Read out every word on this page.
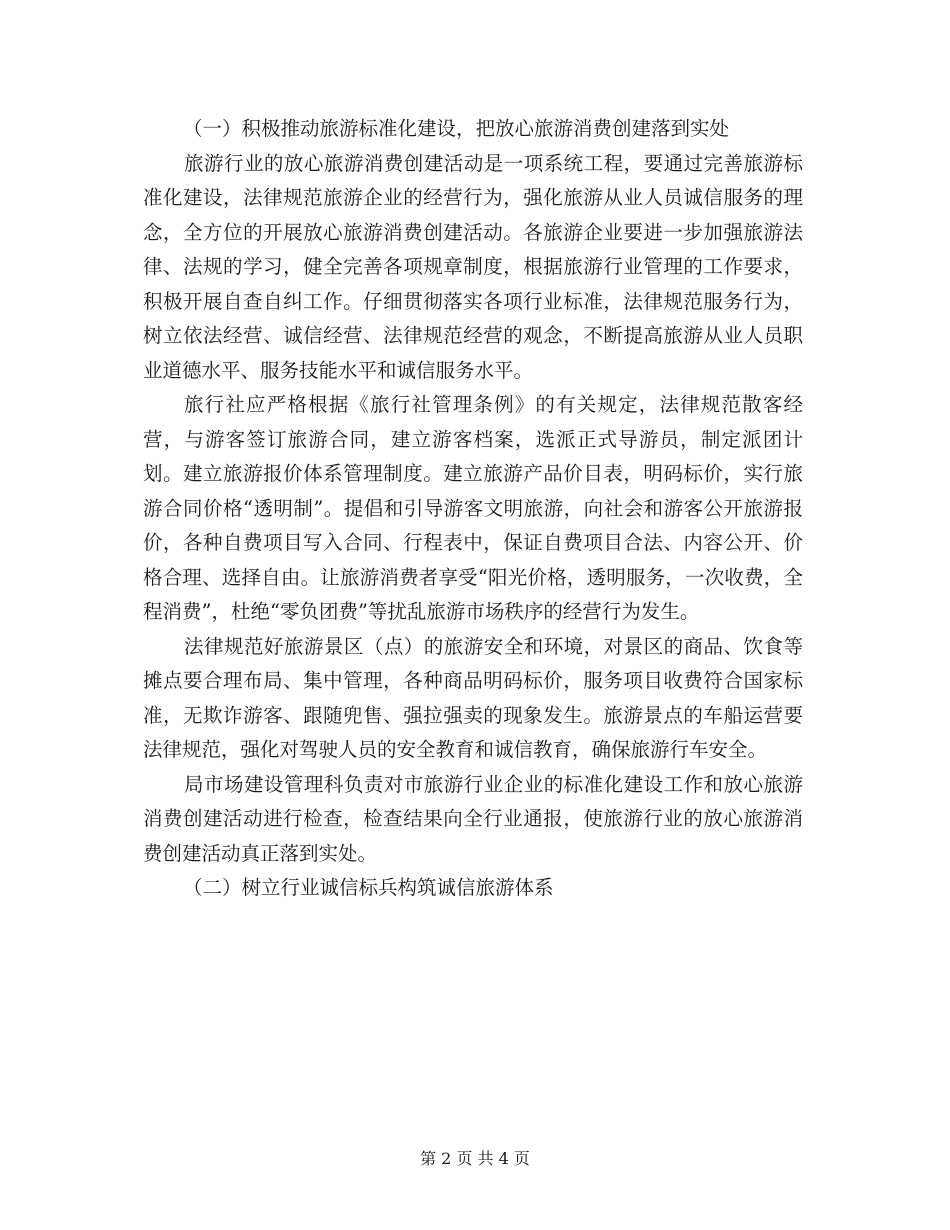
（一）积极推动旅游标准化建设，把放心旅游消费创建落到实处

旅游行业的放心旅游消费创建活动是一项系统工程，要通过完善旅游标准化建设，法律规范旅游企业的经营行为，强化旅游从业人员诚信服务的理念，全方位的开展放心旅游消费创建活动。各旅游企业要进一步加强旅游法律、法规的学习，健全完善各项规章制度，根据旅游行业管理的工作要求，积极开展自查自纠工作。仔细贯彻落实各项行业标准，法律规范服务行为，树立依法经营、诚信经营、法律规范经营的观念，不断提高旅游从业人员职业道德水平、服务技能水平和诚信服务水平。

旅行社应严格根据《旅行社管理条例》的有关规定，法律规范散客经营，与游客签订旅游合同，建立游客档案，选派正式导游员，制定派团计划。建立旅游报价体系管理制度。建立旅游产品价目表，明码标价，实行旅游合同价格“透明制”。提倡和引导游客文明旅游，向社会和游客公开旅游报价，各种自费项目写入合同、行程表中，保证自费项目合法、内容公开、价格合理、选择自由。让旅游消费者享受“阳光价格，透明服务，一次收费，全程消费”，杜绝“零负团费”等扰乱旅游市场秩序的经营行为发生。

法律规范好旅游景区（点）的旅游安全和环境，对景区的商品、饮食等摊点要合理布局、集中管理，各种商品明码标价，服务项目收费符合国家标准，无欺诈游客、跟随兜售、强拉强卖的现象发生。旅游景点的车船运营要法律规范，强化对驾驶人员的安全教育和诚信教育，确保旅游行车安全。

局市场建设管理科负责对市旅游行业企业的标准化建设工作和放心旅游消费创建活动进行检查，检查结果向全行业通报，使旅游行业的放心旅游消费创建活动真正落到实处。

（二）树立行业诚信标兵构筑诚信旅游体系

第 2 页 共 4 页
